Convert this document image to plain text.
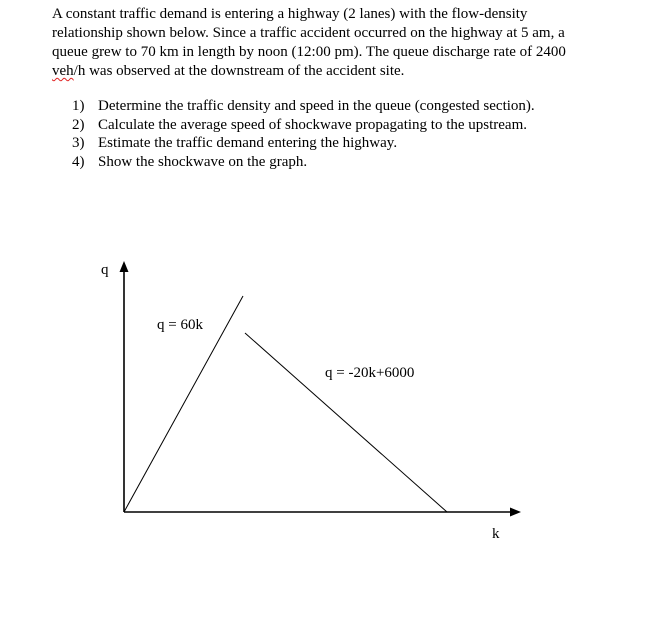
A constant traffic demand is entering a highway (2 lanes) with the flow-density
relationship shown below. Since a traffic accident occurred on the highway at 5 am, a
queue grew to 70 km in length by noon (12:00 pm). The queue discharge rate of 2400
veh/h was observed at the downstream of the accident site.
1) Determine the traffic density and speed in the queue (congested section).
2) Calculate the average speed of shockwave propagating to the upstream.
3) Estimate the traffic demand entering the highway.
4) Show the shockwave on the graph.
q
k
q = 60k
q = -20k+6000
